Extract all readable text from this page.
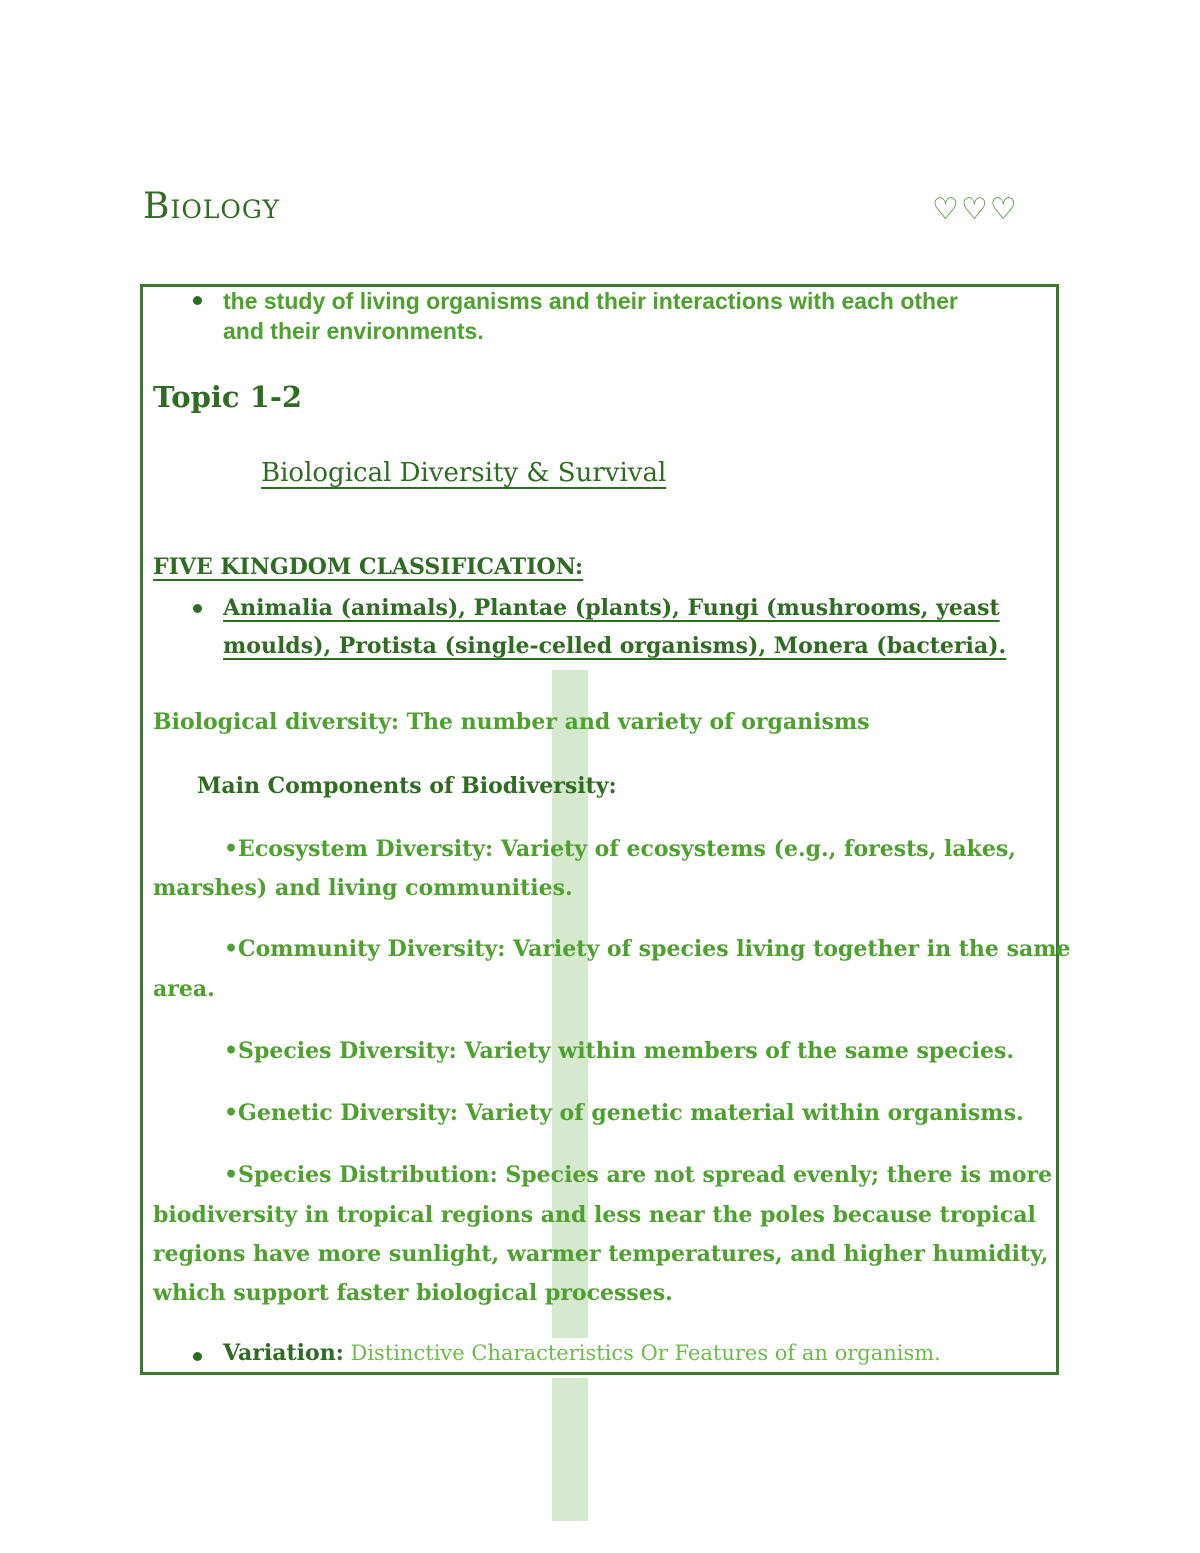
Biology	♡♡♡
the study of living organisms and their interactions with each other
and their environments.
Topic 1-2
Biological Diversity & Survival
FIVE KINGDOM CLASSIFICATION:
Animalia (animals), Plantae (plants), Fungi (mushrooms, yeast
moulds), Protista (single-celled organisms), Monera (bacteria).
Biological diversity: The number and variety of organisms
Main Components of Biodiversity:
•Ecosystem Diversity: Variety of ecosystems (e.g., forests, lakes,
marshes) and living communities.
•Community Diversity: Variety of species living together in the same
area.
•Species Diversity: Variety within members of the same species.
•Genetic Diversity: Variety of genetic material within organisms.
•Species Distribution: Species are not spread evenly; there is more
biodiversity in tropical regions and less near the poles because tropical
regions have more sunlight, warmer temperatures, and higher humidity,
which support faster biological processes.
Variation: Distinctive Characteristics Or Features of an organism.
